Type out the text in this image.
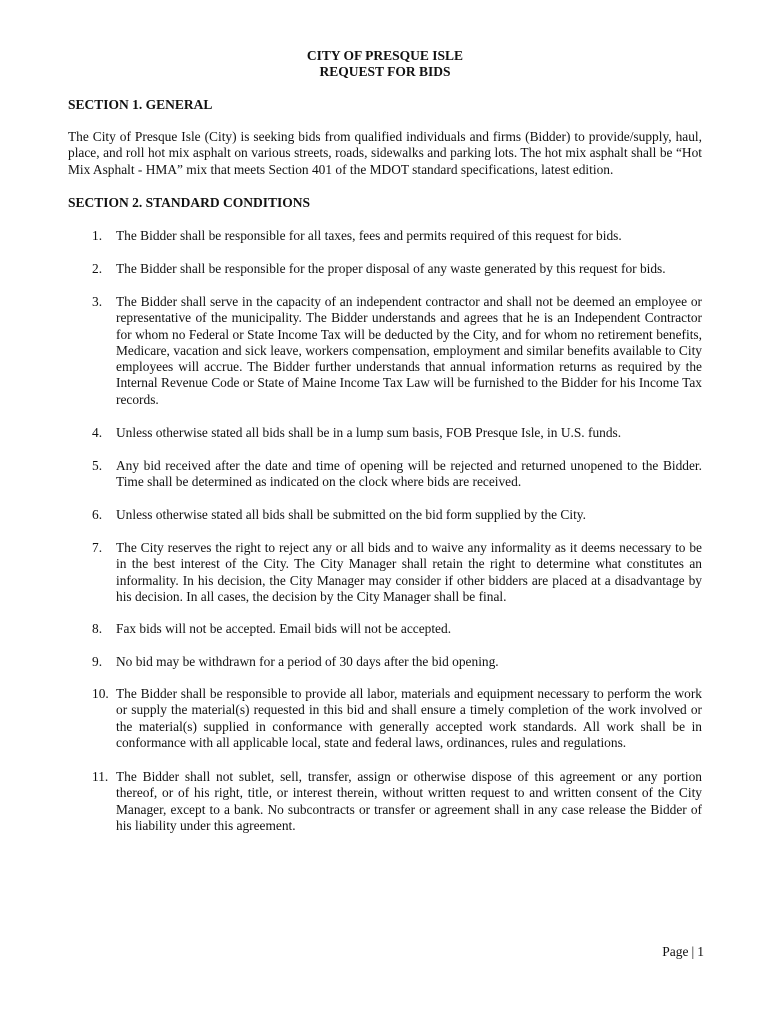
CITY OF PRESQUE ISLE
REQUEST FOR BIDS
SECTION 1. GENERAL
The City of Presque Isle (City) is seeking bids from qualified individuals and firms (Bidder) to provide/supply, haul, place, and roll hot mix asphalt on various streets, roads, sidewalks and parking lots. The hot mix asphalt shall be “Hot Mix Asphalt - HMA” mix that meets Section 401 of the MDOT standard specifications, latest edition.
SECTION 2. STANDARD CONDITIONS
1.	The Bidder shall be responsible for all taxes, fees and permits required of this request for bids.
2.	The Bidder shall be responsible for the proper disposal of any waste generated by this request for bids.
3.	The Bidder shall serve in the capacity of an independent contractor and shall not be deemed an employee or representative of the municipality. The Bidder understands and agrees that he is an Independent Contractor for whom no Federal or State Income Tax will be deducted by the City, and for whom no retirement benefits, Medicare, vacation and sick leave, workers compensation, employment and similar benefits available to City employees will accrue. The Bidder further understands that annual information returns as required by the Internal Revenue Code or State of Maine Income Tax Law will be furnished to the Bidder for his Income Tax records.
4.	Unless otherwise stated all bids shall be in a lump sum basis, FOB Presque Isle, in U.S. funds.
5.	Any bid received after the date and time of opening will be rejected and returned unopened to the Bidder. Time shall be determined as indicated on the clock where bids are received.
6.	Unless otherwise stated all bids shall be submitted on the bid form supplied by the City.
7.	The City reserves the right to reject any or all bids and to waive any informality as it deems necessary to be in the best interest of the City. The City Manager shall retain the right to determine what constitutes an informality. In his decision, the City Manager may consider if other bidders are placed at a disadvantage by his decision. In all cases, the decision by the City Manager shall be final.
8.	Fax bids will not be accepted. Email bids will not be accepted.
9.	No bid may be withdrawn for a period of 30 days after the bid opening.
10. The Bidder shall be responsible to provide all labor, materials and equipment necessary to perform the work or supply the material(s) requested in this bid and shall ensure a timely completion of the work involved or the material(s) supplied in conformance with generally accepted work standards. All work shall be in conformance with all applicable local, state and federal laws, ordinances, rules and regulations.
11. The Bidder shall not sublet, sell, transfer, assign or otherwise dispose of this agreement or any portion thereof, or of his right, title, or interest therein, without written request to and written consent of the City Manager, except to a bank. No subcontracts or transfer or agreement shall in any case release the Bidder of his liability under this agreement.
Page | 1
